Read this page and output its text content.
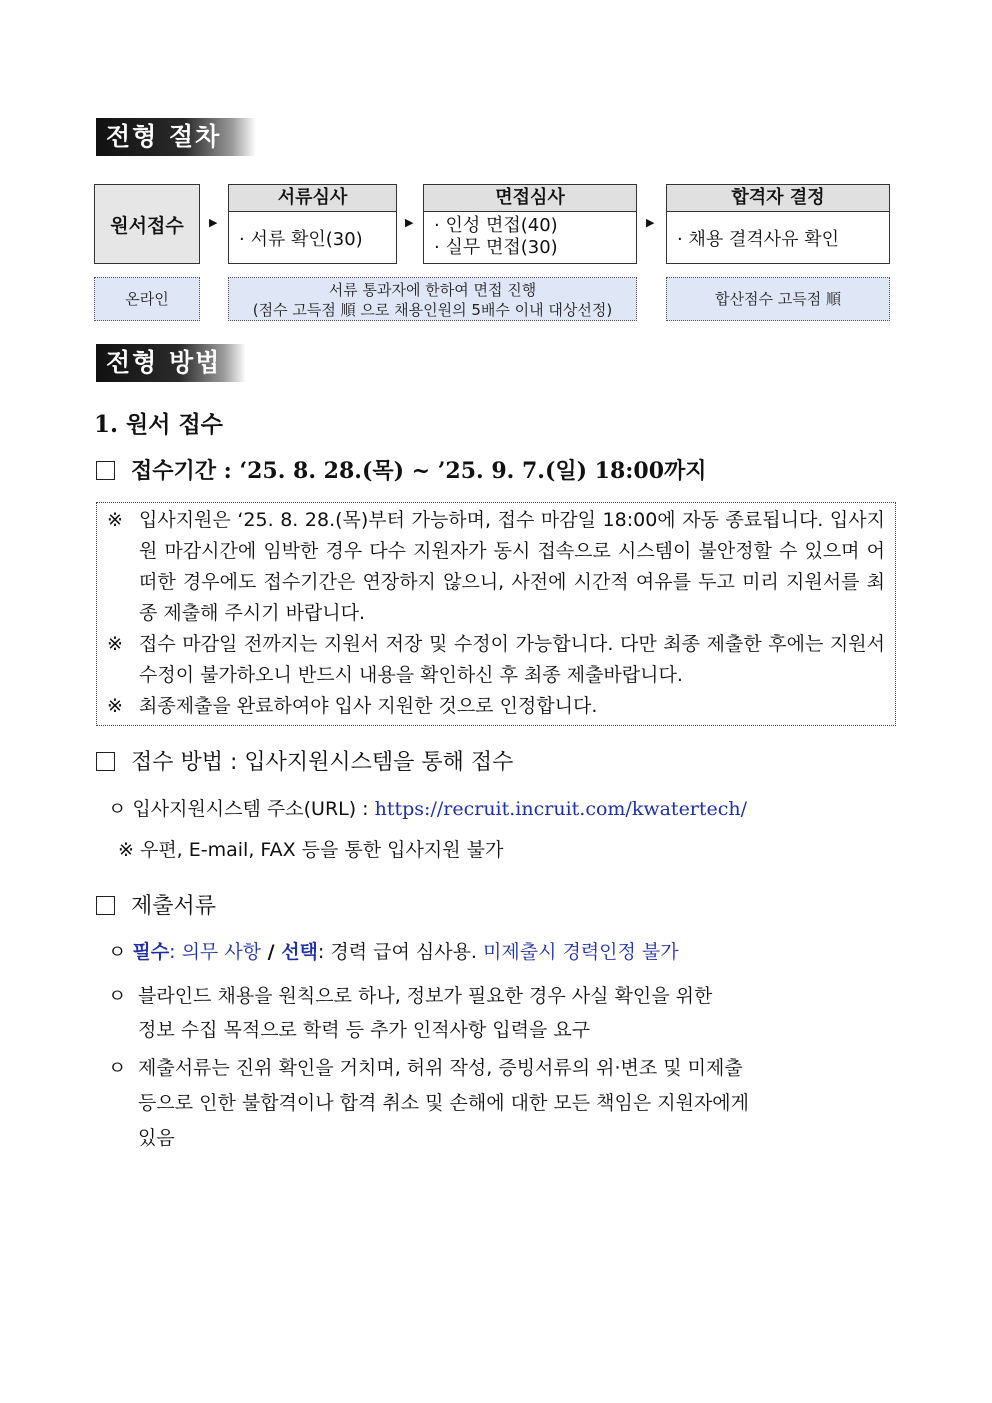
전형 절차
원서접수 ▶
서류심사
· 서류 확인(30)
▶
면접심사
· 인성 면접(40)
· 실무 면접(30)
▶
합격자 결정
· 채용 결격사유 확인
온라인	서류 통과자에 한하여 면접 진행
(점수 고득점 順 으로 채용인원의 5배수 이내 대상선정)
합산점수 고득점 順
전형 방법
1. 원서 접수
접수기간 : ‘25. 8. 28.(목) ~ ’25. 9. 7.(일) 18:00까지
※ 입사지원은 ‘25. 8. 28.(목)부터 가능하며, 접수 마감일 18:00에 자동 종료됩니다. 입사지원 마감시간에 임박한 경우 다수 지원자가 동시 접속으로 시스템이 불안정할 수 있으며 어떠한 경우에도 접수기간은 연장하지 않으니, 사전에 시간적 여유를 두고 미리 지원서를 최종 제출해 주시기 바랍니다.
※ 접수 마감일 전까지는 지원서 저장 및 수정이 가능합니다. 다만 최종 제출한 후에는 지원서 수정이 불가하오니 반드시 내용을 확인하신 후 최종 제출바랍니다.
※ 최종제출을 완료하여야 입사 지원한 것으로 인정합니다.
접수 방법 : 입사지원시스템을 통해 접수
ㅇ 입사지원시스템 주소(URL) : https://recruit.incruit.com/kwatertech/
※ 우편, E-mail, FAX 등을 통한 입사지원 불가
제출서류
ㅇ 필수: 의무 사항 / 선택: 경력 급여 심사용. 미제출시 경력인정 불가
ㅇ 블라인드 채용을 원칙으로 하나, 정보가 필요한 경우 사실 확인을 위한
정보 수집 목적으로 학력 등 추가 인적사항 입력을 요구
ㅇ 제출서류는 진위 확인을 거치며, 허위 작성, 증빙서류의 위·변조 및 미제출
등으로 인한 불합격이나 합격 취소 및 손해에 대한 모든 책임은 지원자에게
있음
